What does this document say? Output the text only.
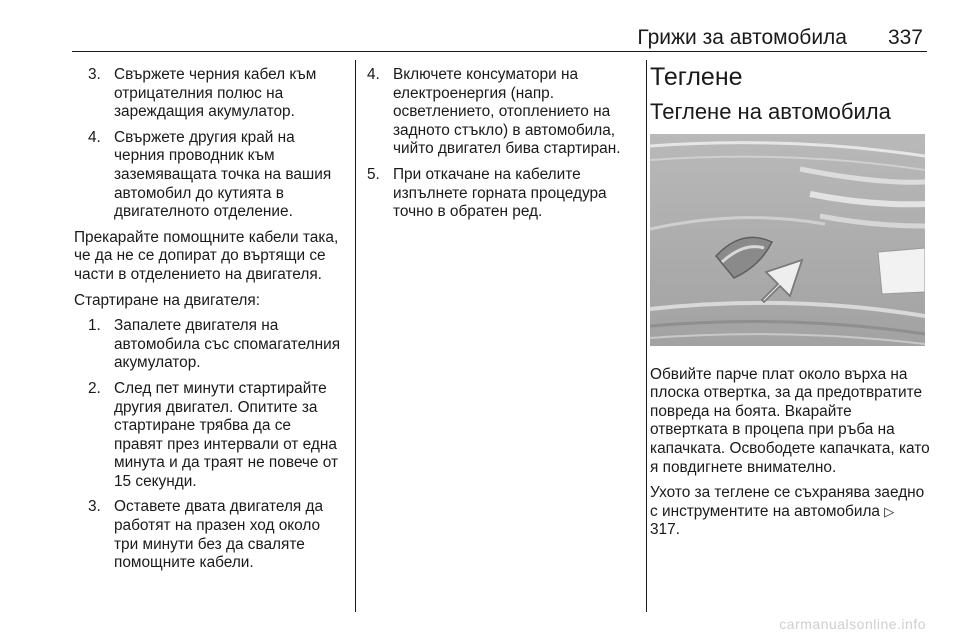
Грижи за автомобила 337
3. Свържете черния кабел към отрицателния полюс на зареждащия акумулатор.
4. Свържете другия край на черния проводник към заземяващата точка на вашия автомобил до кутията в двигателното отделение.

Прекарайте помощните кабели така, че да не се допират до въртящи се части в отделението на двигателя.

Стартиране на двигателя:

1. Запалете двигателя на автомобила със спомагателния акумулатор.
2. След пет минути стартирайте другия двигател. Опитите за стартиране трябва да се правят през интервали от една минута и да траят не повече от 15 секунди.
3. Оставете двата двигателя да работят на празен ход около три минути без да сваляте помощните кабели.
4. Включете консуматори на електроенергия (напр. осветлението, отоплението на задното стъкло) в автомобила, чийто двигател бива стартиран.
5. При откачане на кабелите изпълнете горната процедура точно в обратен ред.
Теглене
Теглене на автомобила

Обвийте парче плат около върха на плоска отвертка, за да предотвратите повреда на боята. Вкарайте отвертката в процепа при ръба на капачката. Освободете капачката, като я повдигнете внимателно.

Ухото за теглене се съхранява заедно с инструментите на автомобила ▷ 317.

carmanualsonline.info
